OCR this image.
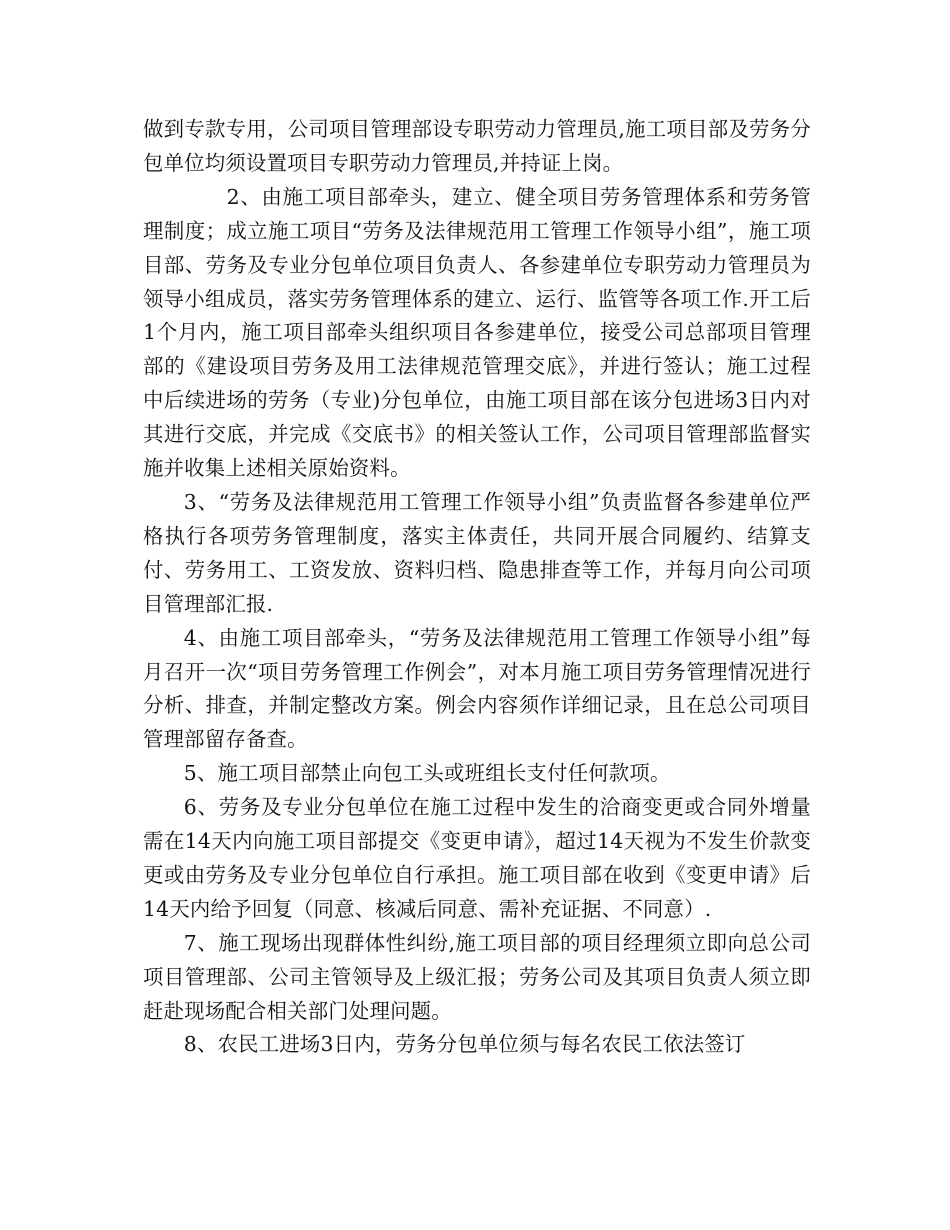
做到专款专用，公司项目管理部设专职劳动力管理员,施工项目部及劳务分包单位均须设置项目专职劳动力管理员,并持证上岗。

2、由施工项目部牵头，建立、健全项目劳务管理体系和劳务管理制度；成立施工项目“劳务及法律规范用工管理工作领导小组”，施工项目部、劳务及专业分包单位项目负责人、各参建单位专职劳动力管理员为领导小组成员，落实劳务管理体系的建立、运行、监管等各项工作.开工后1个月内，施工项目部牵头组织项目各参建单位，接受公司总部项目管理部的《建设项目劳务及用工法律规范管理交底》，并进行签认；施工过程中后续进场的劳务（专业)分包单位，由施工项目部在该分包进场3日内对其进行交底，并完成《交底书》的相关签认工作，公司项目管理部监督实施并收集上述相关原始资料。

3、“劳务及法律规范用工管理工作领导小组”负责监督各参建单位严格执行各项劳务管理制度，落实主体责任，共同开展合同履约、结算支付、劳务用工、工资发放、资料归档、隐患排查等工作，并每月向公司项目管理部汇报.

4、由施工项目部牵头，“劳务及法律规范用工管理工作领导小组”每月召开一次“项目劳务管理工作例会”，对本月施工项目劳务管理情况进行分析、排查，并制定整改方案。例会内容须作详细记录，且在总公司项目管理部留存备查。

5、施工项目部禁止向包工头或班组长支付任何款项。

6、劳务及专业分包单位在施工过程中发生的洽商变更或合同外增量需在14天内向施工项目部提交《变更申请》，超过14天视为不发生价款变更或由劳务及专业分包单位自行承担。施工项目部在收到《变更申请》后14天内给予回复（同意、核减后同意、需补充证据、不同意）.

7、施工现场出现群体性纠纷,施工项目部的项目经理须立即向总公司项目管理部、公司主管领导及上级汇报；劳务公司及其项目负责人须立即赶赴现场配合相关部门处理问题。

8、农民工进场3日内，劳务分包单位须与每名农民工依法签订
